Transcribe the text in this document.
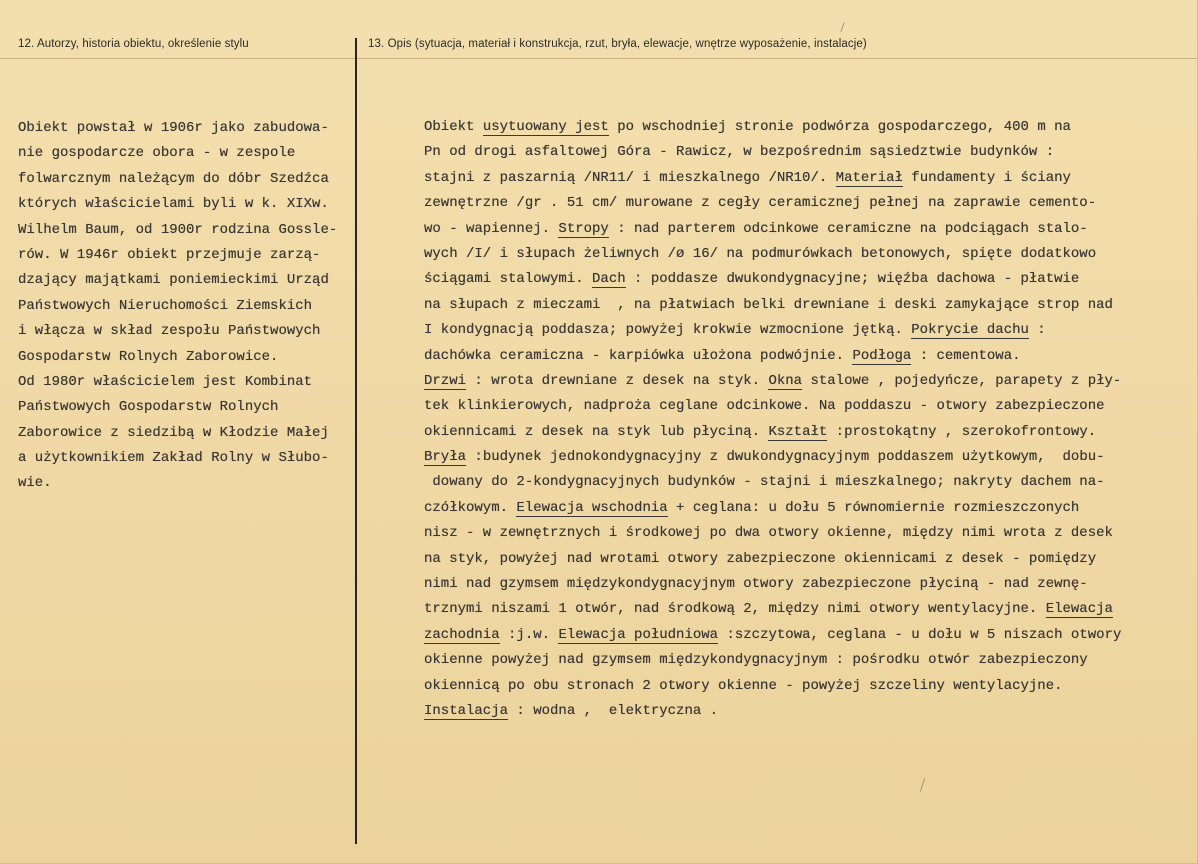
12. Autorzy, historia obiektu, określenie stylu	13. Opis (sytuacja, materiał i konstrukcja, rzut, bryła, elewacje, wnętrze wyposażenie, instalacje)
Obiekt powstał w 1906r jako zabudowa-
nie gospodarcze obora - w zespole
folwarcznym należącym do dóbr Szedźca
których właścicielami byli w k. XIXw.
Wilhelm Baum, od 1900r rodzina Gossle-
rów. W 1946r obiekt przejmuje zarzą-
dzający majątkami poniemieckimi Urząd
Państwowych Nieruchomości Ziemskich
i włącza w skład zespołu Państwowych
Gospodarstw Rolnych Zaborowice.
Od 1980r właścicielem jest Kombinat
Państwowych Gospodarstw Rolnych
Zaborowice z siedzibą w Kłodzie Małej
a użytkownikiem Zakład Rolny w Słubo-
wie.
Obiekt usytuowany jest po wschodniej stronie podwórza gospodarczego, 400 m na
Pn od drogi asfaltowej Góra - Rawicz, w bezpośrednim sąsiedztwie budynków :
stajni z paszarnią /NR11/ i mieszkalnego /NR10/. Materiał fundamenty i ściany
zewnętrzne /gr . 51 cm/ murowane z cegły ceramicznej pełnej na zaprawie cemento-
wo - wapiennej. Stropy : nad parterem odcinkowe ceramiczne na podciągach stalo-
wych /I/ i słupach żeliwnych /ø 16/ na podmurówkach betonowych, spięte dodatkowo
ściągami stalowymi. Dach : poddasze dwukondygnacyjne; więźba dachowa - płatwie
na słupach z mieczami  , na płatwiach belki drewniane i deski zamykające strop nad
I kondygnacją poddasza; powyżej krokwie wzmocnione jętką. Pokrycie dachu :
dachówka ceramiczna - karpiówka ułożona podwójnie. Podłoga : cementowa.
Drzwi : wrota drewniane z desek na styk. Okna stalowe , pojedyńcze, parapety z pły-
tek klinkierowych, nadproża ceglane odcinkowe. Na poddaszu - otwory zabezpieczone
okiennicami z desek na styk lub płyciną. Kształt :prostokątny , szerokofrontowy.
Bryła :budynek jednokondygnacyjny z dwukondygnacyjnym poddaszem użytkowym,  dobu-
dowany do 2-kondygnacyjnych budynków - stajni i mieszkalnego; nakryty dachem na-
czółkowym. Elewacja wschodnia + ceglana: u dołu 5 równomiernie rozmieszczonych
nisz - w zewnętrznych i środkowej po dwa otwory okienne, między nimi wrota z desek
na styk, powyżej nad wrotami otwory zabezpieczone okiennicami z desek - pomiędzy
nimi nad gzymsem międzykondygnacyjnym otwory zabezpieczone płyciną - nad zewnę-
trznymi niszami 1 otwór, nad środkową 2, między nimi otwory wentylacyjne. Elewacja
zachodnia :j.w. Elewacja południowa :szczytowa, ceglana - u dołu w 5 niszach otwory
okienne powyżej nad gzymsem międzykondygnacyjnym : pośrodku otwór zabezpieczony
okiennicą po obu stronach 2 otwory okienne - powyżej szczeliny wentylacyjne.
Instalacja : wodna ,  elektryczna .
